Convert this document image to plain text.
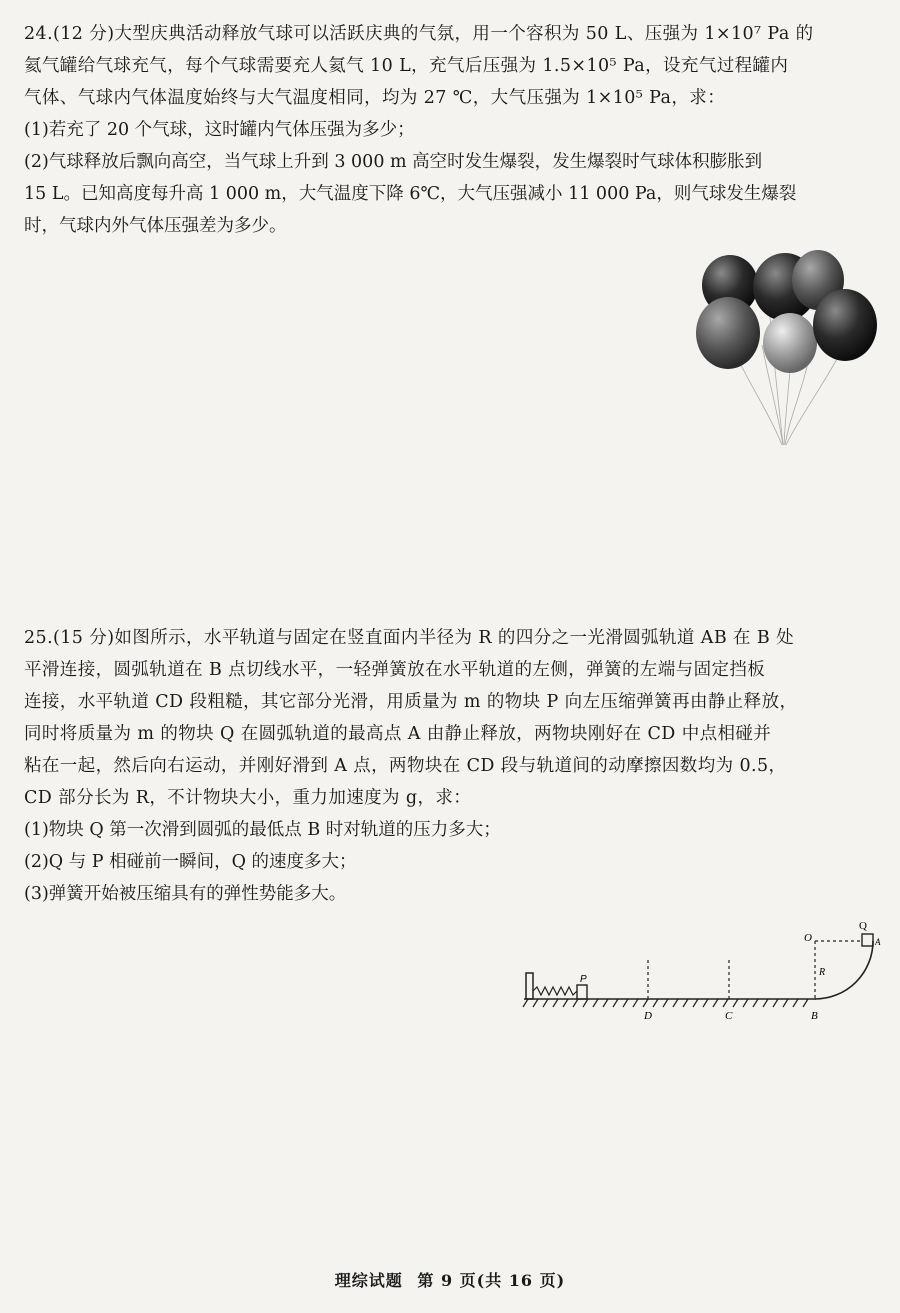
24.(12 分)大型庆典活动释放气球可以活跃庆典的气氛，用一个容积为 50 L、压强为 1×10⁷ Pa 的
氦气罐给气球充气，每个气球需要充人氦气 10 L，充气后压强为 1.5×10⁵ Pa，设充气过程罐内
气体、气球内气体温度始终与大气温度相同，均为 27 ℃，大气压强为 1×10⁵ Pa，求：
(1)若充了 20 个气球，这时罐内气体压强为多少；
(2)气球释放后飘向高空，当气球上升到 3 000 m 高空时发生爆裂，发生爆裂时气球体积膨胀到
15 L。已知高度每升高 1 000 m，大气温度下降 6℃，大气压强减小 11 000 Pa，则气球发生爆裂
时，气球内外气体压强差为多少。
25.(15 分)如图所示，水平轨道与固定在竖直面内半径为 R 的四分之一光滑圆弧轨道 AB 在 B 处
平滑连接，圆弧轨道在 B 点切线水平，一轻弹簧放在水平轨道的左侧，弹簧的左端与固定挡板
连接，水平轨道 CD 段粗糙，其它部分光滑，用质量为 m 的物块 P 向左压缩弹簧再由静止释放，
同时将质量为 m 的物块 Q 在圆弧轨道的最高点 A 由静止释放，两物块刚好在 CD 中点相碰并
粘在一起，然后向右运动，并刚好滑到 A 点，两物块在 CD 段与轨道间的动摩擦因数均为 0.5，
CD 部分长为 R，不计物块大小，重力加速度为 g，求：
(1)物块 Q 第一次滑到圆弧的最低点 B 时对轨道的压力多大；
(2)Q 与 P 相碰前一瞬间，Q 的速度多大；
(3)弹簧开始被压缩具有的弹性势能多大。
P
O
Q
A
R
D	C	B
理综试题 第 9 页(共 16 页)
